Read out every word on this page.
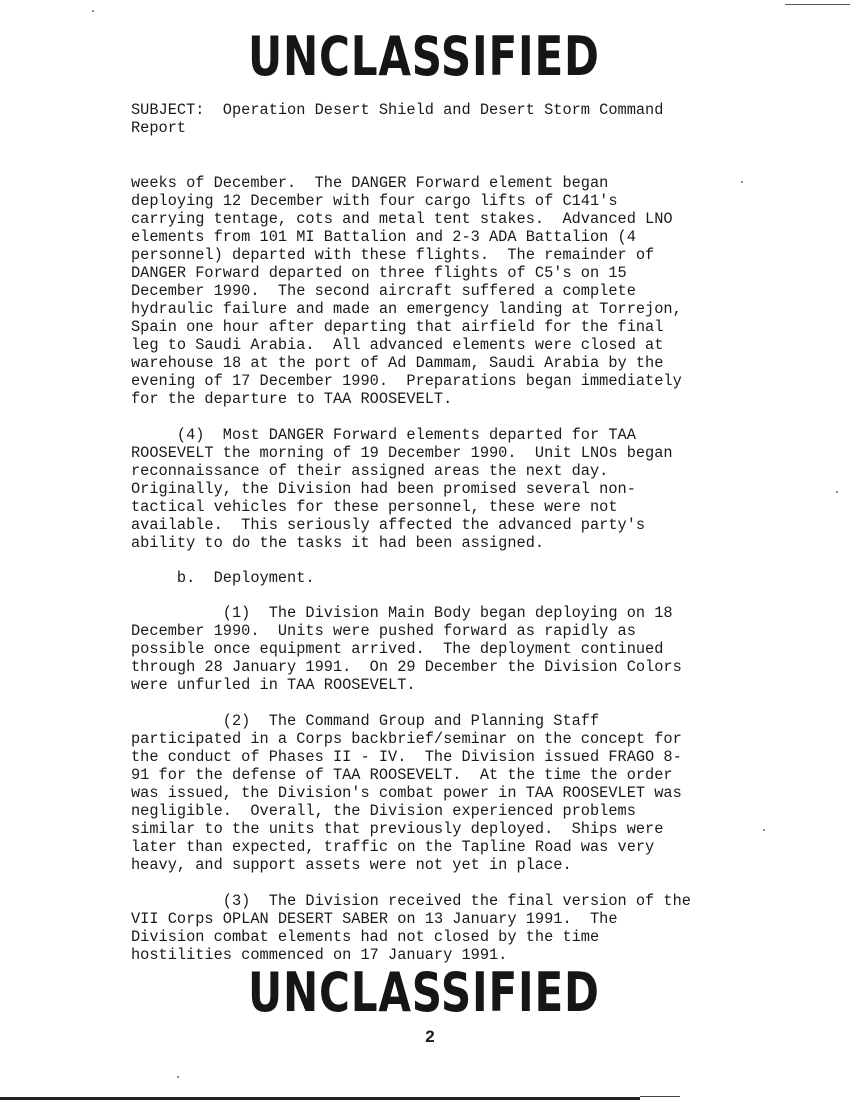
UNCLASSIFIED
SUBJECT: Operation Desert Shield and Desert Storm Command
Report
weeks of December.  The DANGER Forward element began
deploying 12 December with four cargo lifts of C141's
carrying tentage, cots and metal tent stakes.  Advanced LNO
elements from 101 MI Battalion and 2-3 ADA Battalion (4
personnel) departed with these flights.  The remainder of
DANGER Forward departed on three flights of C5's on 15
December 1990.  The second aircraft suffered a complete
hydraulic failure and made an emergency landing at Torrejon,
Spain one hour after departing that airfield for the final
leg to Saudi Arabia.  All advanced elements were closed at
warehouse 18 at the port of Ad Dammam, Saudi Arabia by the
evening of 17 December 1990.  Preparations began immediately
for the departure to TAA ROOSEVELT.
(4)  Most DANGER Forward elements departed for TAA
ROOSEVELT the morning of 19 December 1990.  Unit LNOs began
reconnaissance of their assigned areas the next day.
Originally, the Division had been promised several non-
tactical vehicles for these personnel, these were not
available.  This seriously affected the advanced party's
ability to do the tasks it had been assigned.
b.  Deployment.
(1)  The Division Main Body began deploying on 18
December 1990.  Units were pushed forward as rapidly as
possible once equipment arrived.  The deployment continued
through 28 January 1991.  On 29 December the Division Colors
were unfurled in TAA ROOSEVELT.
(2)  The Command Group and Planning Staff
participated in a Corps backbrief/seminar on the concept for
the conduct of Phases II - IV.  The Division issued FRAGO 8-
91 for the defense of TAA ROOSEVELT.  At the time the order
was issued, the Division's combat power in TAA ROOSEVLET was
negligible.  Overall, the Division experienced problems
similar to the units that previously deployed.  Ships were
later than expected, traffic on the Tapline Road was very
heavy, and support assets were not yet in place.
(3)  The Division received the final version of the
VII Corps OPLAN DESERT SABER on 13 January 1991.  The
Division combat elements had not closed by the time
hostilities commenced on 17 January 1991.
UNCLASSIFIED
2
